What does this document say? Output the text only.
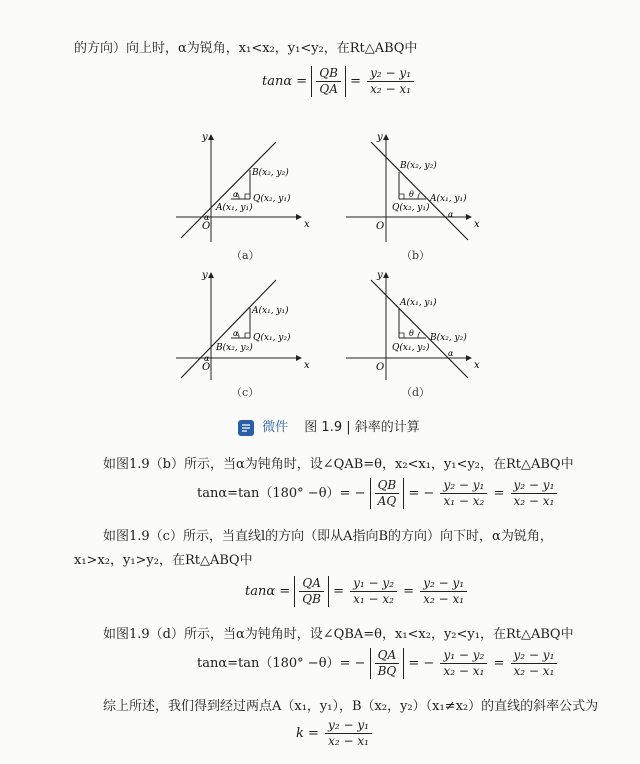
的方向）向上时，α为锐角，x₁<x₂，y₁<y₂，在Rt△ABQ中
$\tan\alpha = \frac{QB}{QA} = \frac{\text{y₂ − y₁}}{\text{x₂ − x₁}}$
x
y
O
B(x₂, y₂)
A(x₁, y₁)
Q(x₂, y₁)
α
α
（a）
x
y
O
B(x₂, y₂)
A(x₁, y₁)
Q(x₂, y₁)
θ
α
（b）
x
y
O
A(x₁, y₁)
B(x₂, y₂)
Q(x₁, y₂)
α
α
（c）
x
y
O
A(x₁, y₁)
B(x₂, y₂)
Q(x₁, y₂)
θ
α
（d）
微件 图 1.9 | 斜率的计算
如图1.9（b）所示，当α为钝角时，设∠QAB=θ，x₂<x₁，y₁<y₂，在Rt△ABQ中
$\tan\alpha=\tan(180^\circ -\theta)= - \frac{QB}{AQ}$ = − $\frac{\text{y₂ − y₁}}{\text{x₁ − x₂}} = \frac{\text{y₂ − y₁}}{\text{x₂ − x₁}}$
如图1.9（c）所示，当直线l的方向（即从A指向B的方向）向下时，α为锐角，
x₁>x₂，y₁>y₂，在Rt△ABQ中
$\tan\alpha = \frac{QA}{QB} = \frac{\text{y₁ − y₂}}{\text{x₁ − x₂}} = \frac{\text{y₂ − y₁}}{\text{x₂ − x₁}}$
如图1.9（d）所示，当α为钝角时，设∠QBA=θ，x₁<x₂，y₂<y₁，在Rt△ABQ中
$\tan\alpha=\tan(180^\circ -\theta)= - \frac{QA}{BQ}$ = − $\frac{\text{y₁ − y₂}}{\text{x₂ − x₁}} = \frac{\text{y₂ − y₁}}{\text{x₂ − x₁}}$
综上所述，我们得到经过两点A（x₁，y₁），B（x₂，y₂）（x₁≠x₂）的直线的斜率公式为
$k = \frac{\text{y₂ − y₁}}{\text{x₂ − x₁}}$
